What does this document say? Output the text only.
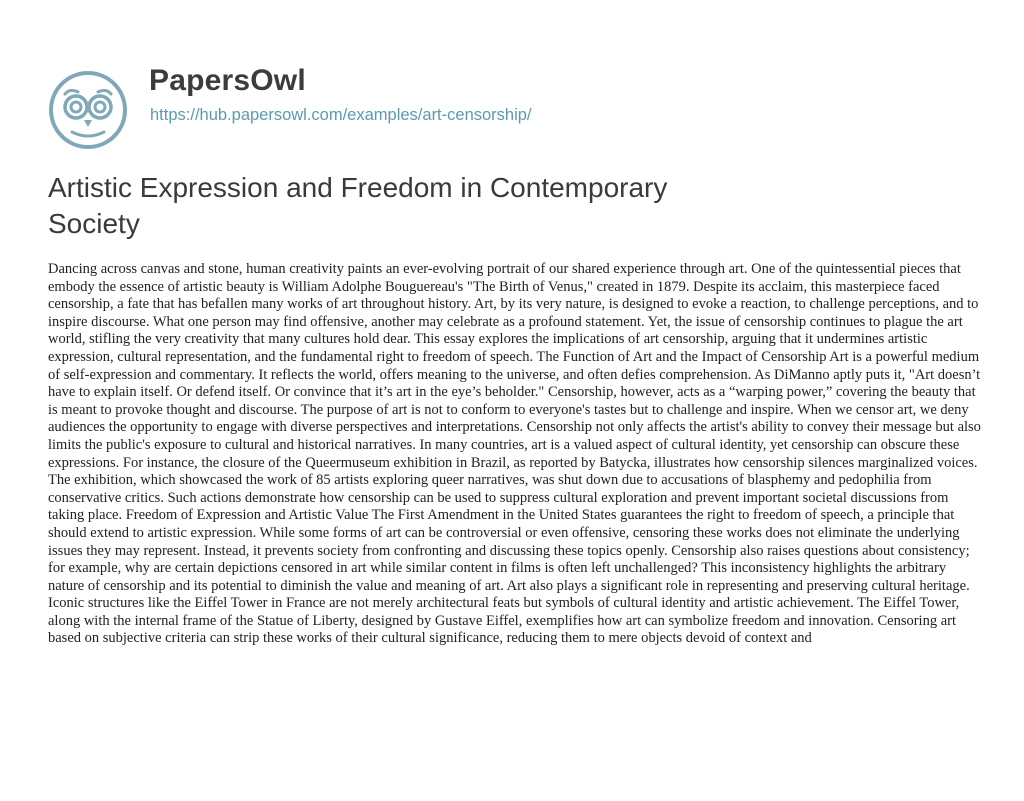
PapersOwl
https://hub.papersowl.com/examples/art-censorship/
Artistic Expression and Freedom in Contemporary Society

Dancing across canvas and stone, human creativity paints an ever-evolving portrait of our shared experience through art. One of the quintessential pieces that embody the essence of artistic beauty is William Adolphe Bouguereau's "The Birth of Venus," created in 1879. Despite its acclaim, this masterpiece faced censorship, a fate that has befallen many works of art throughout history. Art, by its very nature, is designed to evoke a reaction, to challenge perceptions, and to inspire discourse. What one person may find offensive, another may celebrate as a profound statement. Yet, the issue of censorship continues to plague the art world, stifling the very creativity that many cultures hold dear. This essay explores the implications of art censorship, arguing that it undermines artistic expression, cultural representation, and the fundamental right to freedom of speech. The Function of Art and the Impact of Censorship Art is a powerful medium of self-expression and commentary. It reflects the world, offers meaning to the universe, and often defies comprehension. As DiManno aptly puts it, "Art doesn’t have to explain itself. Or defend itself. Or convince that it’s art in the eye’s beholder." Censorship, however, acts as a “warping power,” covering the beauty that is meant to provoke thought and discourse. The purpose of art is not to conform to everyone's tastes but to challenge and inspire. When we censor art, we deny audiences the opportunity to engage with diverse perspectives and interpretations. Censorship not only affects the artist's ability to convey their message but also limits the public's exposure to cultural and historical narratives. In many countries, art is a valued aspect of cultural identity, yet censorship can obscure these expressions. For instance, the closure of the Queermuseum exhibition in Brazil, as reported by Batycka, illustrates how censorship silences marginalized voices. The exhibition, which showcased the work of 85 artists exploring queer narratives, was shut down due to accusations of blasphemy and pedophilia from conservative critics. Such actions demonstrate how censorship can be used to suppress cultural exploration and prevent important societal discussions from taking place. Freedom of Expression and Artistic Value The First Amendment in the United States guarantees the right to freedom of speech, a principle that should extend to artistic expression. While some forms of art can be controversial or even offensive, censoring these works does not eliminate the underlying issues they may represent. Instead, it prevents society from confronting and discussing these topics openly. Censorship also raises questions about consistency; for example, why are certain depictions censored in art while similar content in films is often left unchallenged? This inconsistency highlights the arbitrary nature of censorship and its potential to diminish the value and meaning of art. Art also plays a significant role in representing and preserving cultural heritage. Iconic structures like the Eiffel Tower in France are not merely architectural feats but symbols of cultural identity and artistic achievement. The Eiffel Tower, along with the internal frame of the Statue of Liberty, designed by Gustave Eiffel, exemplifies how art can symbolize freedom and innovation. Censoring art based on subjective criteria can strip these works of their cultural significance, reducing them to mere objects devoid of context and
